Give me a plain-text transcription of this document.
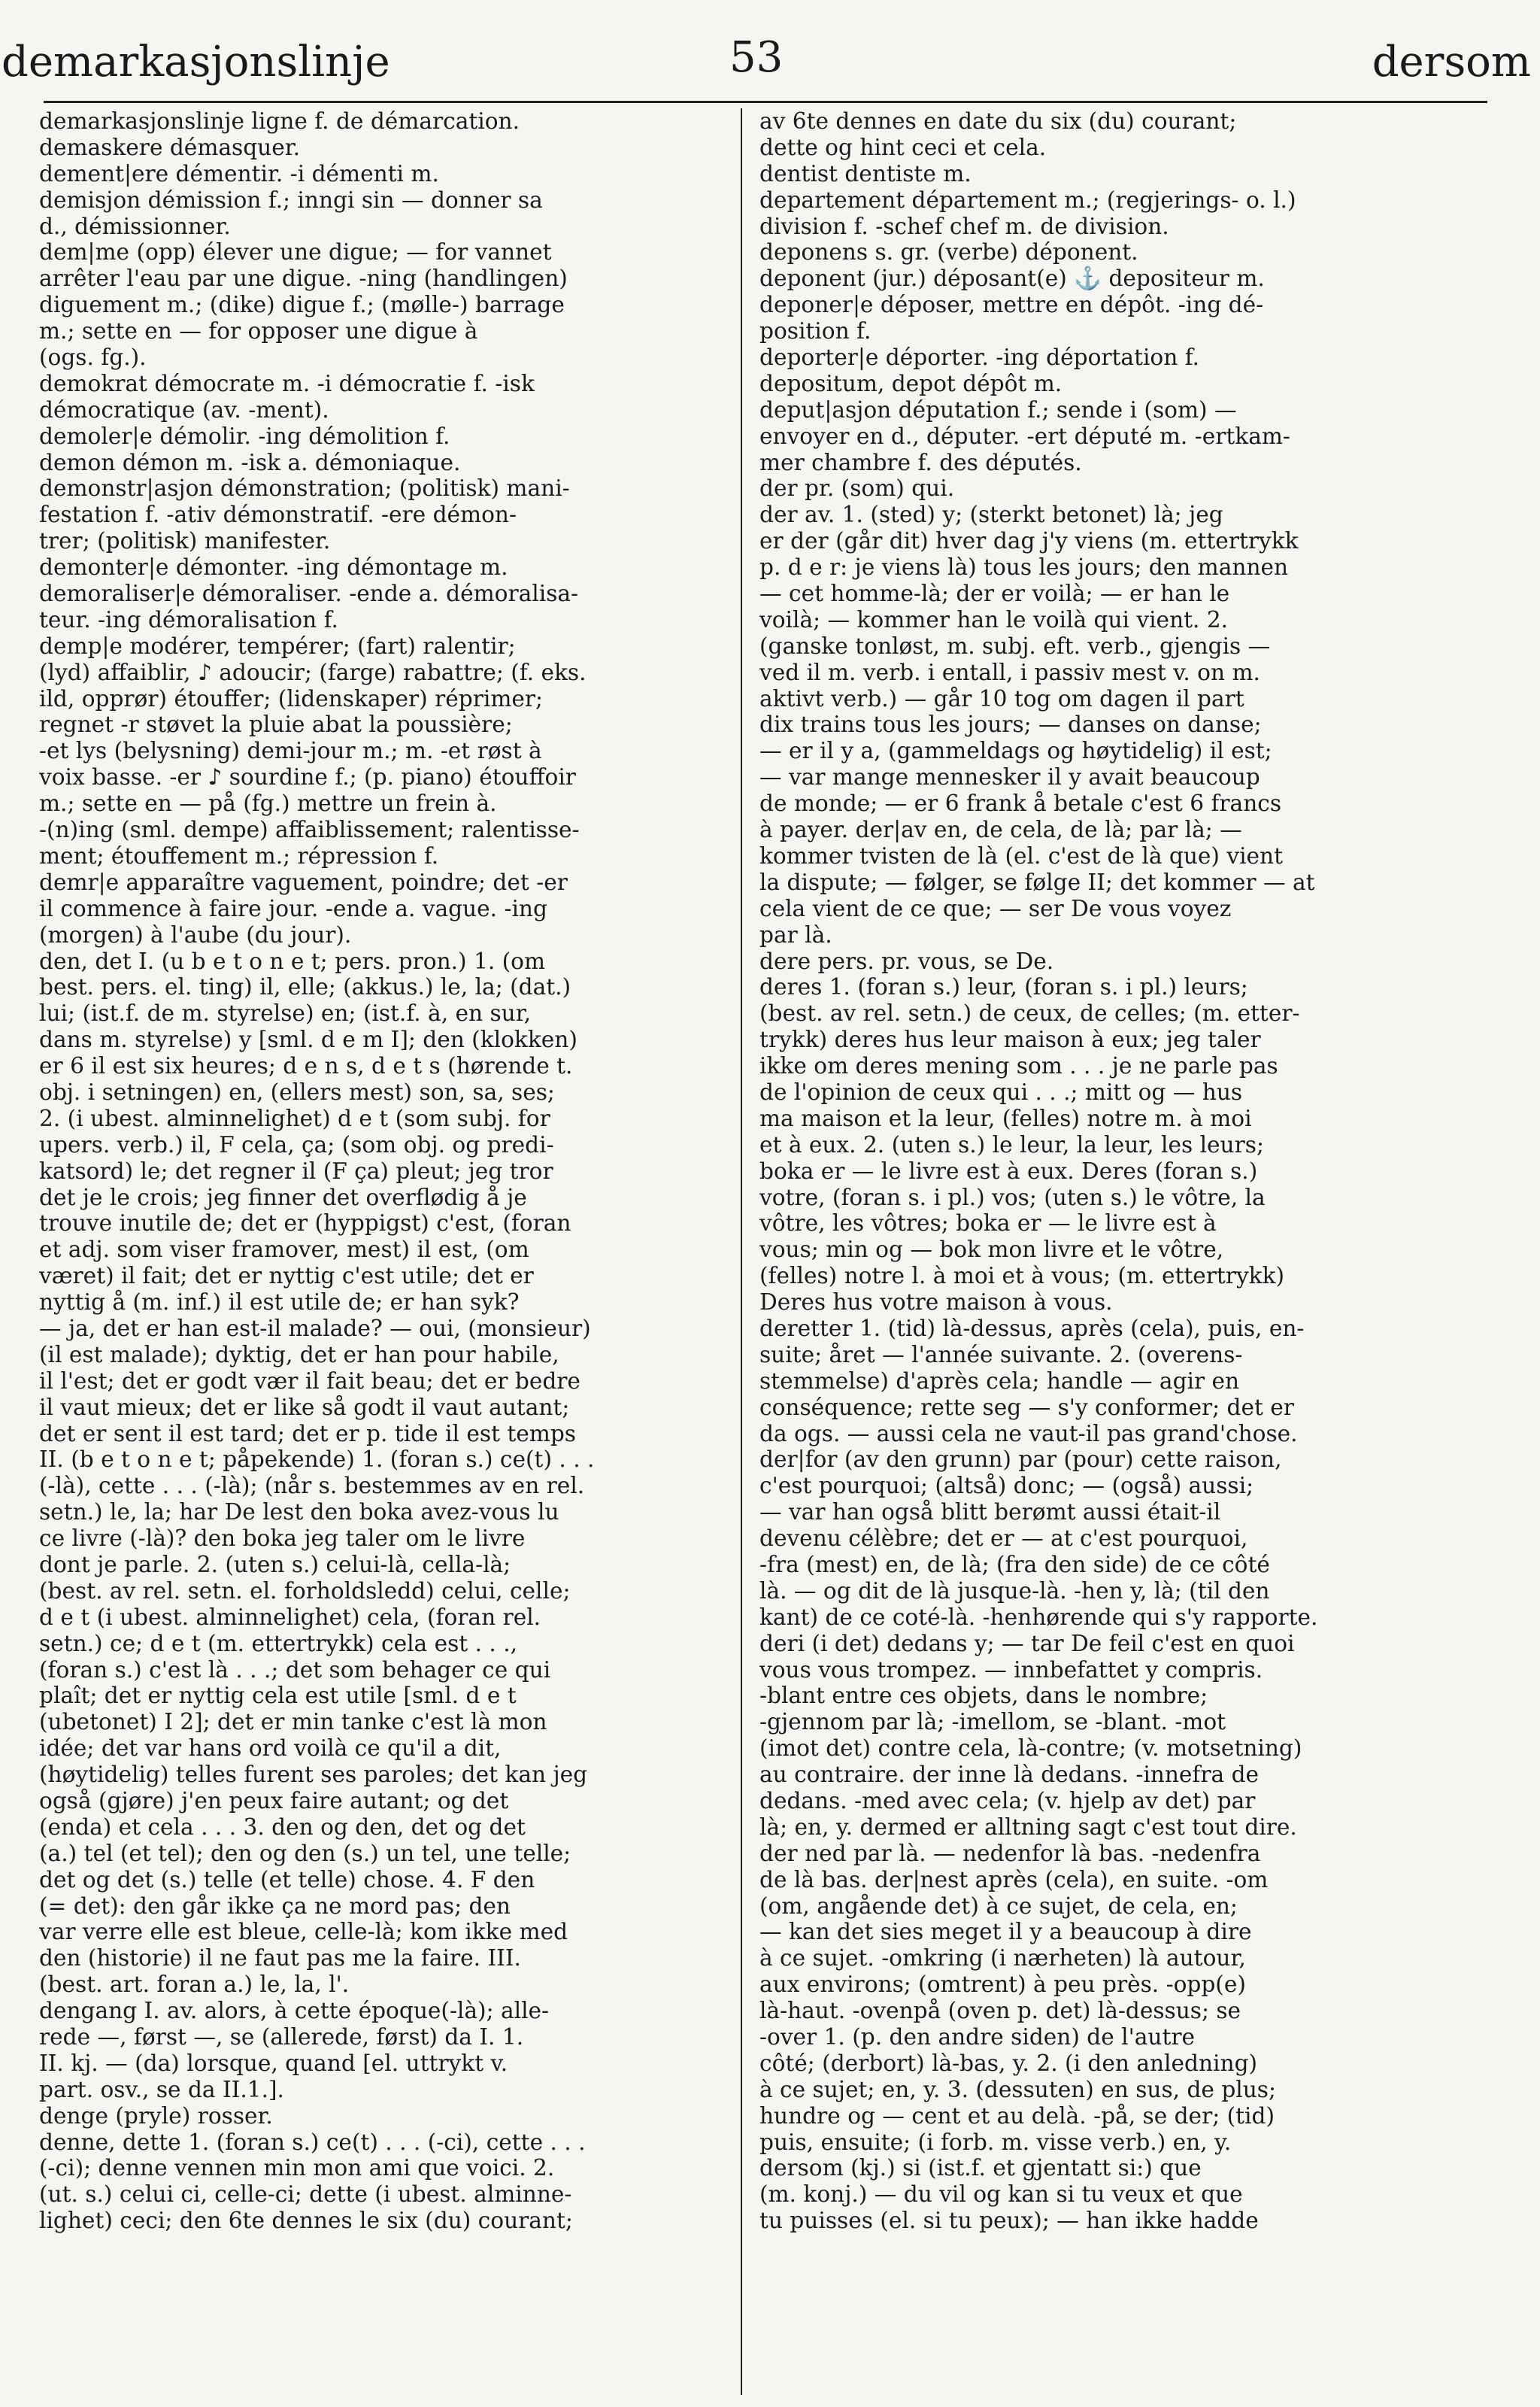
demarkasjonslinje	53	dersom
demarkasjonslinje ligne f. de démarcation.
demaskere démasquer.
dement|ere démentir. -i démenti m.
demisjon démission f.; inngi sin — donner sa
d., démissionner.
dem|me (opp) élever une digue; — for vannet
arrêter l'eau par une digue. -ning (handlingen)
diguement m.; (dike) digue f.; (mølle-) barrage
m.; sette en — for opposer une digue à
(ogs. fg.).
demokrat démocrate m. -i démocratie f. -isk
démocratique (av. -ment).
demoler|e démolir. -ing démolition f.
demon démon m. -isk a. démoniaque.
demonstr|asjon démonstration; (politisk) mani-
festation f. -ativ démonstratif. -ere démon-
trer; (politisk) manifester.
demonter|e démonter. -ing démontage m.
demoraliser|e démoraliser. -ende a. démoralisa-
teur. -ing démoralisation f.
demp|e modérer, tempérer; (fart) ralentir;
(lyd) affaiblir, ♪ adoucir; (farge) rabattre; (f. eks.
ild, opprør) étouffer; (lidenskaper) réprimer;
regnet -r støvet la pluie abat la poussière;
-et lys (belysning) demi-jour m.; m. -et røst à
voix basse. -er ♪ sourdine f.; (p. piano) étouffoir
m.; sette en — på (fg.) mettre un frein à.
-(n)ing (sml. dempe) affaiblissement; ralentisse-
ment; étouffement m.; répression f.
demr|e apparaître vaguement, poindre; det -er
il commence à faire jour. -ende a. vague. -ing
(morgen) à l'aube (du jour).
den, det I. (u b e t o n e t; pers. pron.) 1. (om
best. pers. el. ting) il, elle; (akkus.) le, la; (dat.)
lui; (ist.f. de m. styrelse) en; (ist.f. à, en sur,
dans m. styrelse) y [sml. d e m I]; den (klokken)
er 6 il est six heures; d e n s, d e t s (hørende t.
obj. i setningen) en, (ellers mest) son, sa, ses;
2. (i ubest. alminnelighet) d e t (som subj. for
upers. verb.) il, F cela, ça; (som obj. og predi-
katsord) le; det regner il (F ça) pleut; jeg tror
det je le crois; jeg finner det overflødig å je
trouve inutile de; det er (hyppigst) c'est, (foran
et adj. som viser framover, mest) il est, (om
været) il fait; det er nyttig c'est utile; det er
nyttig å (m. inf.) il est utile de; er han syk?
— ja, det er han est-il malade? — oui, (monsieur)
(il est malade); dyktig, det er han pour habile,
il l'est; det er godt vær il fait beau; det er bedre
il vaut mieux; det er like så godt il vaut autant;
det er sent il est tard; det er p. tide il est temps
II. (b e t o n e t; påpekende) 1. (foran s.) ce(t) . . .
(-là), cette . . . (-là); (når s. bestemmes av en rel.
setn.) le, la; har De lest den boka avez-vous lu
ce livre (-là)? den boka jeg taler om le livre
dont je parle. 2. (uten s.) celui-là, cella-là;
(best. av rel. setn. el. forholdsledd) celui, celle;
d e t (i ubest. alminnelighet) cela, (foran rel.
setn.) ce; d e t (m. ettertrykk) cela est . . .,
(foran s.) c'est là . . .; det som behager ce qui
plaît; det er nyttig cela est utile [sml. d e t
(ubetonet) I 2]; det er min tanke c'est là mon
idée; det var hans ord voilà ce qu'il a dit,
(høytidelig) telles furent ses paroles; det kan jeg
også (gjøre) j'en peux faire autant; og det
(enda) et cela . . . 3. den og den, det og det
(a.) tel (et tel); den og den (s.) un tel, une telle;
det og det (s.) telle (et telle) chose. 4. F den
(= det): den går ikke ça ne mord pas; den
var verre elle est bleue, celle-là; kom ikke med
den (historie) il ne faut pas me la faire. III.
(best. art. foran a.) le, la, l'.
dengang I. av. alors, à cette époque(-là); alle-
rede —, først —, se (allerede, først) da I. 1.
II. kj. — (da) lorsque, quand [el. uttrykt v.
part. osv., se da II.1.].
denge (pryle) rosser.
denne, dette 1. (foran s.) ce(t) . . . (-ci), cette . . .
(-ci); denne vennen min mon ami que voici. 2.
(ut. s.) celui ci, celle-ci; dette (i ubest. alminne-
lighet) ceci; den 6te dennes le six (du) courant;
av 6te dennes en date du six (du) courant;
dette og hint ceci et cela.
dentist dentiste m.
departement département m.; (regjerings- o. l.)
division f. -schef chef m. de division.
deponens s. gr. (verbe) déponent.
deponent (jur.) déposant(e) ⚓ depositeur m.
deponer|e déposer, mettre en dépôt. -ing dé-
position f.
deporter|e déporter. -ing déportation f.
depositum, depot dépôt m.
deput|asjon députation f.; sende i (som) —
envoyer en d., députer. -ert député m. -ertkam-
mer chambre f. des députés.
der pr. (som) qui.
der av. 1. (sted) y; (sterkt betonet) là; jeg
er der (går dit) hver dag j'y viens (m. ettertrykk
p. d e r: je viens là) tous les jours; den mannen
— cet homme-là; der er voilà; — er han le
voilà; — kommer han le voilà qui vient. 2.
(ganske tonløst, m. subj. eft. verb., gjengis —
ved il m. verb. i entall, i passiv mest v. on m.
aktivt verb.) — går 10 tog om dagen il part
dix trains tous les jours; — danses on danse;
— er il y a, (gammeldags og høytidelig) il est;
— var mange mennesker il y avait beaucoup
de monde; — er 6 frank å betale c'est 6 francs
à payer. der|av en, de cela, de là; par là; —
kommer tvisten de là (el. c'est de là que) vient
la dispute; — følger, se følge II; det kommer — at
cela vient de ce que; — ser De vous voyez
par là.
dere pers. pr. vous, se De.
deres 1. (foran s.) leur, (foran s. i pl.) leurs;
(best. av rel. setn.) de ceux, de celles; (m. etter-
trykk) deres hus leur maison à eux; jeg taler
ikke om deres mening som . . . je ne parle pas
de l'opinion de ceux qui . . .; mitt og — hus
ma maison et la leur, (felles) notre m. à moi
et à eux. 2. (uten s.) le leur, la leur, les leurs;
boka er — le livre est à eux. Deres (foran s.)
votre, (foran s. i pl.) vos; (uten s.) le vôtre, la
vôtre, les vôtres; boka er — le livre est à
vous; min og — bok mon livre et le vôtre,
(felles) notre l. à moi et à vous; (m. ettertrykk)
Deres hus votre maison à vous.
deretter 1. (tid) là-dessus, après (cela), puis, en-
suite; året — l'année suivante. 2. (overens-
stemmelse) d'après cela; handle — agir en
conséquence; rette seg — s'y conformer; det er
da ogs. — aussi cela ne vaut-il pas grand'chose.
der|for (av den grunn) par (pour) cette raison,
c'est pourquoi; (altså) donc; — (også) aussi;
— var han også blitt berømt aussi était-il
devenu célèbre; det er — at c'est pourquoi,
-fra (mest) en, de là; (fra den side) de ce côté
là. — og dit de là jusque-là. -hen y, là; (til den
kant) de ce coté-là. -henhørende qui s'y rapporte.
deri (i det) dedans y; — tar De feil c'est en quoi
vous vous trompez. — innbefattet y compris.
-blant entre ces objets, dans le nombre;
-gjennom par là; -imellom, se -blant. -mot
(imot det) contre cela, là-contre; (v. motsetning)
au contraire. der inne là dedans. -innefra de
dedans. -med avec cela; (v. hjelp av det) par
là; en, y. dermed er alltning sagt c'est tout dire.
der ned par là. — nedenfor là bas. -nedenfra
de là bas. der|nest après (cela), en suite. -om
(om, angående det) à ce sujet, de cela, en;
— kan det sies meget il y a beaucoup à dire
à ce sujet. -omkring (i nærheten) là autour,
aux environs; (omtrent) à peu près. -opp(e)
là-haut. -ovenpå (oven p. det) là-dessus; se
-over 1. (p. den andre siden) de l'autre
côté; (derbort) là-bas, y. 2. (i den anledning)
à ce sujet; en, y. 3. (dessuten) en sus, de plus;
hundre og — cent et au delà. -på, se der; (tid)
puis, ensuite; (i forb. m. visse verb.) en, y.
dersom (kj.) si (ist.f. et gjentatt si:) que
(m. konj.) — du vil og kan si tu veux et que
tu puisses (el. si tu peux); — han ikke hadde
